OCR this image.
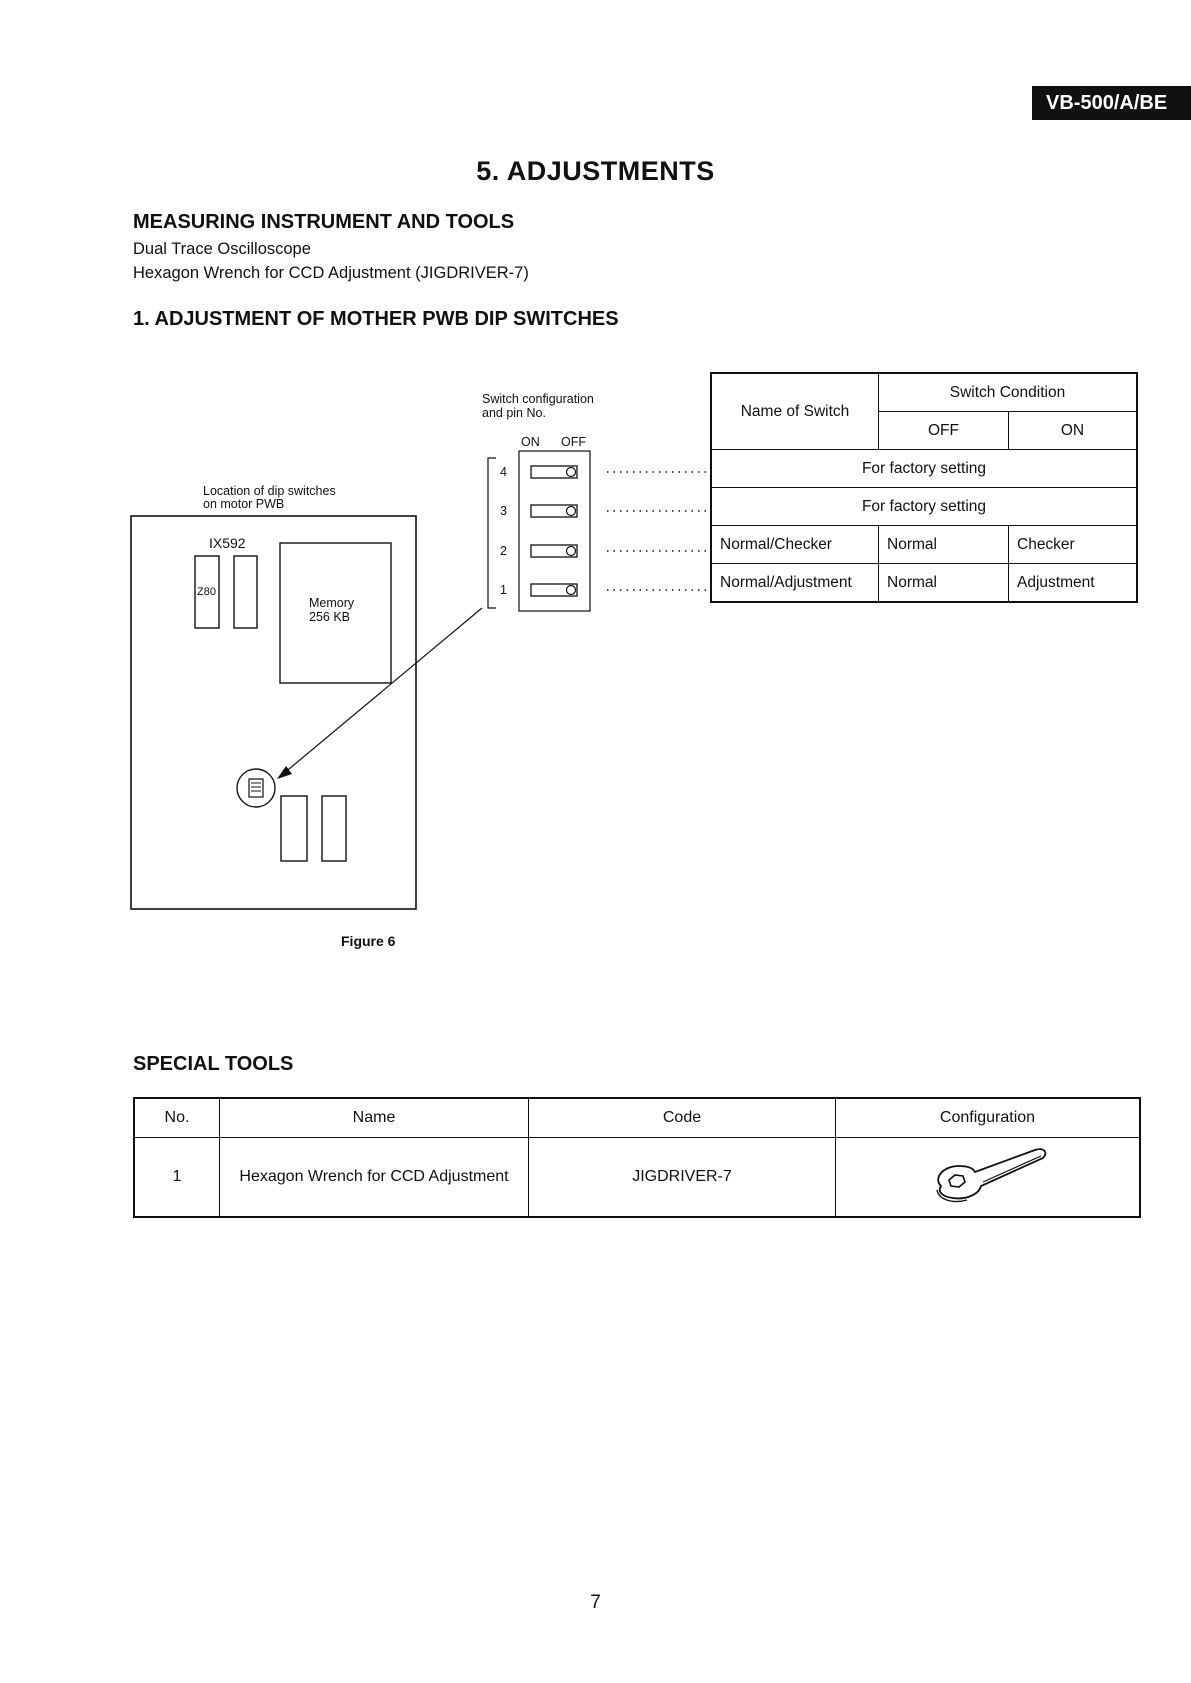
VB-500/A/BE
5. ADJUSTMENTS
MEASURING INSTRUMENT AND TOOLS
Dual Trace Oscilloscope
Hexagon Wrench for CCD Adjustment (JIGDRIVER-7)
1. ADJUSTMENT OF MOTHER PWB DIP SWITCHES
Switch configuration
and pin No.
ON OFF
4
3
2
1
Location of dip switches
on motor PWB
IX592
Z80
Memory
256 KB
Figure 6
Name of Switch	Switch Condition	
	OFF	ON
For factory setting		
For factory setting		
Normal/Checker	Normal	Checker
Normal/Adjustment	Normal	Adjustment
SPECIAL TOOLS
No.	Name	Code	Configuration
1	Hexagon Wrench for CCD Adjustment	JIGDRIVER-7	
7
